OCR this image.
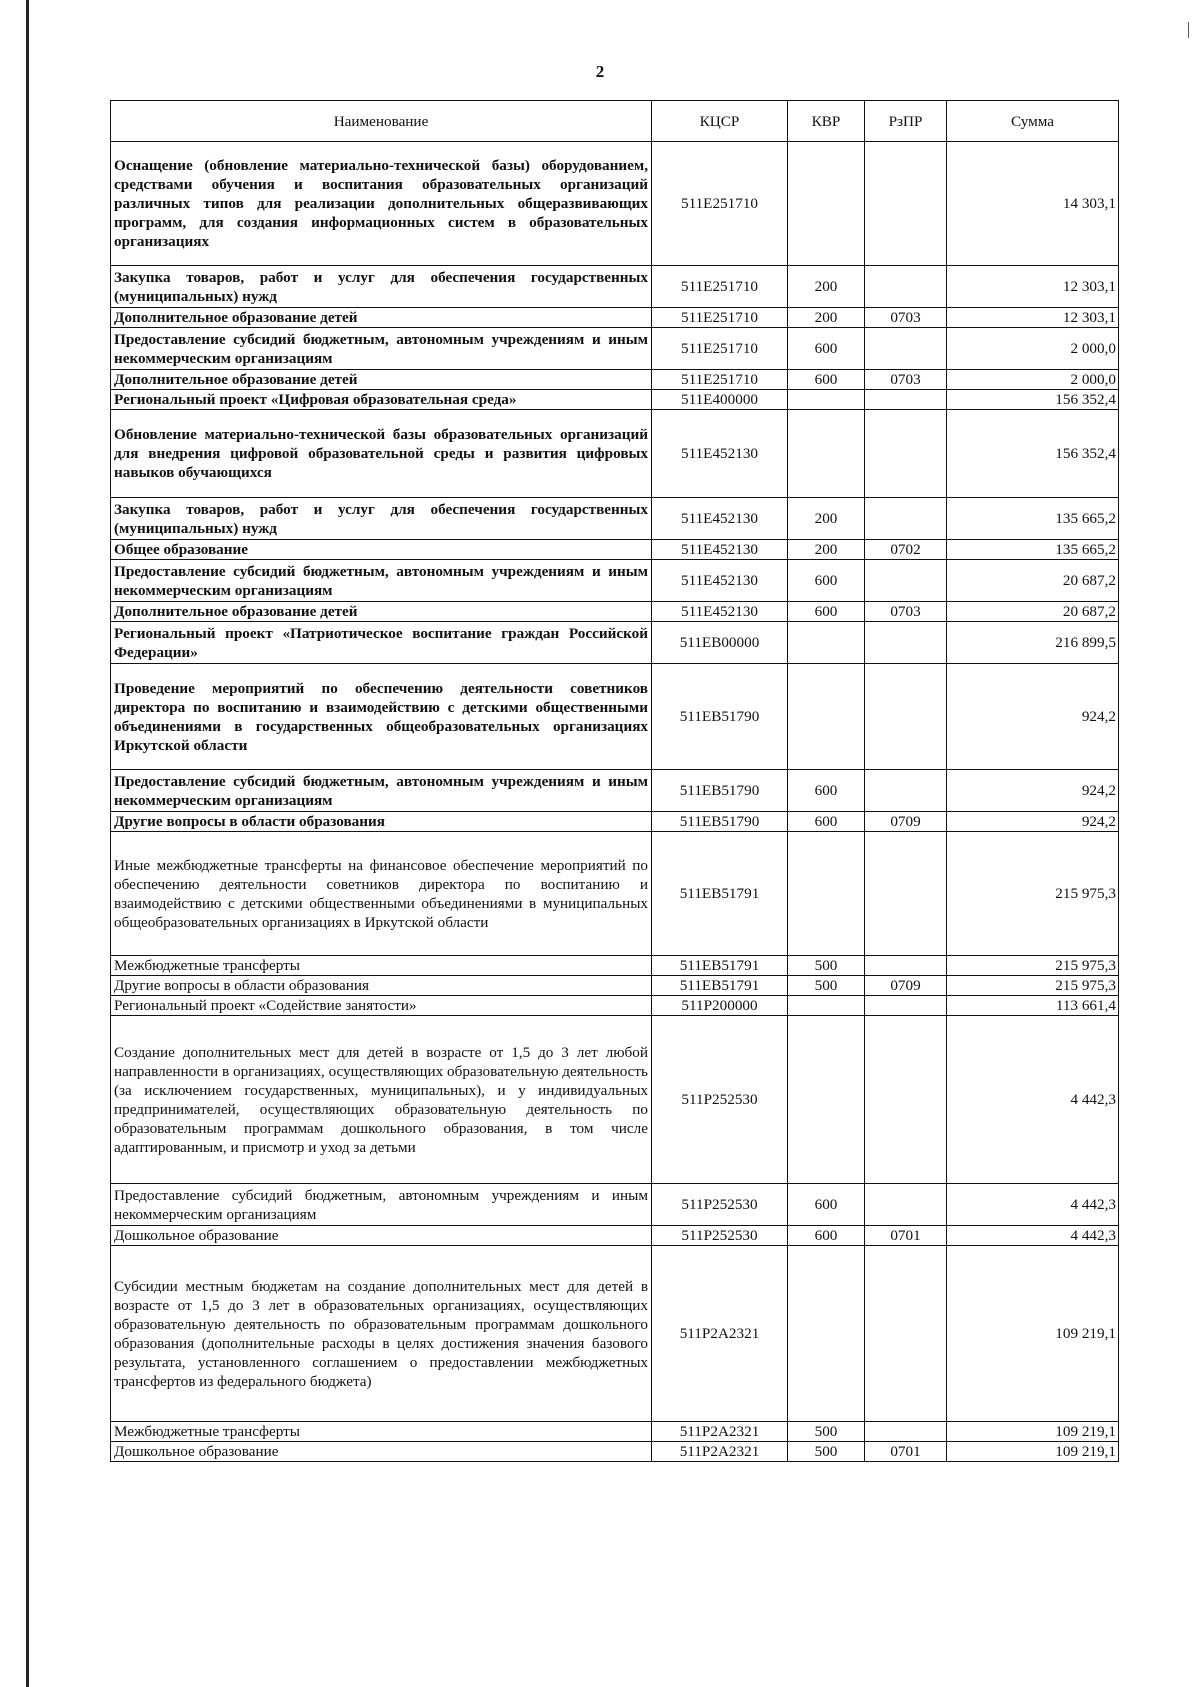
2
Наименование	КЦСР	КВР	РзПР	Сумма
Оснащение (обновление материально-технической базы) оборудованием, средствами обучения и воспитания образовательных организаций различных типов для реализации дополнительных общеразвивающих программ, для создания информационных систем в образовательных организациях	511E251710			14 303,1
Закупка товаров, работ и услуг для обеспечения государственных (муниципальных) нужд	511E251710	200		12 303,1
Дополнительное образование детей	511E251710	200	0703	12 303,1
Предоставление субсидий бюджетным, автономным учреждениям и иным некоммерческим организациям	511E251710	600		2 000,0
Дополнительное образование детей	511E251710	600	0703	2 000,0
Региональный проект «Цифровая образовательная среда»	511E400000			156 352,4
Обновление материально-технической базы образовательных организаций для внедрения цифровой образовательной среды и развития цифровых навыков обучающихся	511E452130			156 352,4
Закупка товаров, работ и услуг для обеспечения государственных (муниципальных) нужд	511E452130	200		135 665,2
Общее образование	511E452130	200	0702	135 665,2
Предоставление субсидий бюджетным, автономным учреждениям и иным некоммерческим организациям	511E452130	600		20 687,2
Дополнительное образование детей	511E452130	600	0703	20 687,2
Региональный проект «Патриотическое воспитание граждан Российской Федерации»	511EB00000			216 899,5
Проведение мероприятий по обеспечению деятельности советников директора по воспитанию и взаимодействию с детскими общественными объединениями в государственных общеобразовательных организациях Иркутской области	511EB51790			924,2
Предоставление субсидий бюджетным, автономным учреждениям и иным некоммерческим организациям	511EB51790	600		924,2
Другие вопросы в области образования	511EB51790	600	0709	924,2
Иные межбюджетные трансферты на финансовое обеспечение мероприятий по обеспечению деятельности советников директора по воспитанию и взаимодействию с детскими общественными объединениями в муниципальных общеобразовательных организациях в Иркутской области	511EB51791			215 975,3
Межбюджетные трансферты	511EB51791	500		215 975,3
Другие вопросы в области образования	511EB51791	500	0709	215 975,3
Региональный проект «Содействие занятости»	511P200000			113 661,4
Создание дополнительных мест для детей в возрасте от 1,5 до 3 лет любой направленности в организациях, осуществляющих образовательную деятельность (за исключением государственных, муниципальных), и у индивидуальных предпринимателей, осуществляющих образовательную деятельность по образовательным программам дошкольного образования, в том числе адаптированным, и присмотр и уход за детьми	511P252530			4 442,3
Предоставление субсидий бюджетным, автономным учреждениям и иным некоммерческим организациям	511P252530	600		4 442,3
Дошкольное образование	511P252530	600	0701	4 442,3
Субсидии местным бюджетам на создание дополнительных мест для детей в возрасте от 1,5 до 3 лет в образовательных организациях, осуществляющих образовательную деятельность по образовательным программам дошкольного образования (дополнительные расходы в целях достижения значения базового результата, установленного соглашением о предоставлении межбюджетных трансфертов из федерального бюджета)	511P2A2321			109 219,1
Межбюджетные трансферты	511P2A2321	500		109 219,1
Дошкольное образование	511P2A2321	500	0701	109 219,1
